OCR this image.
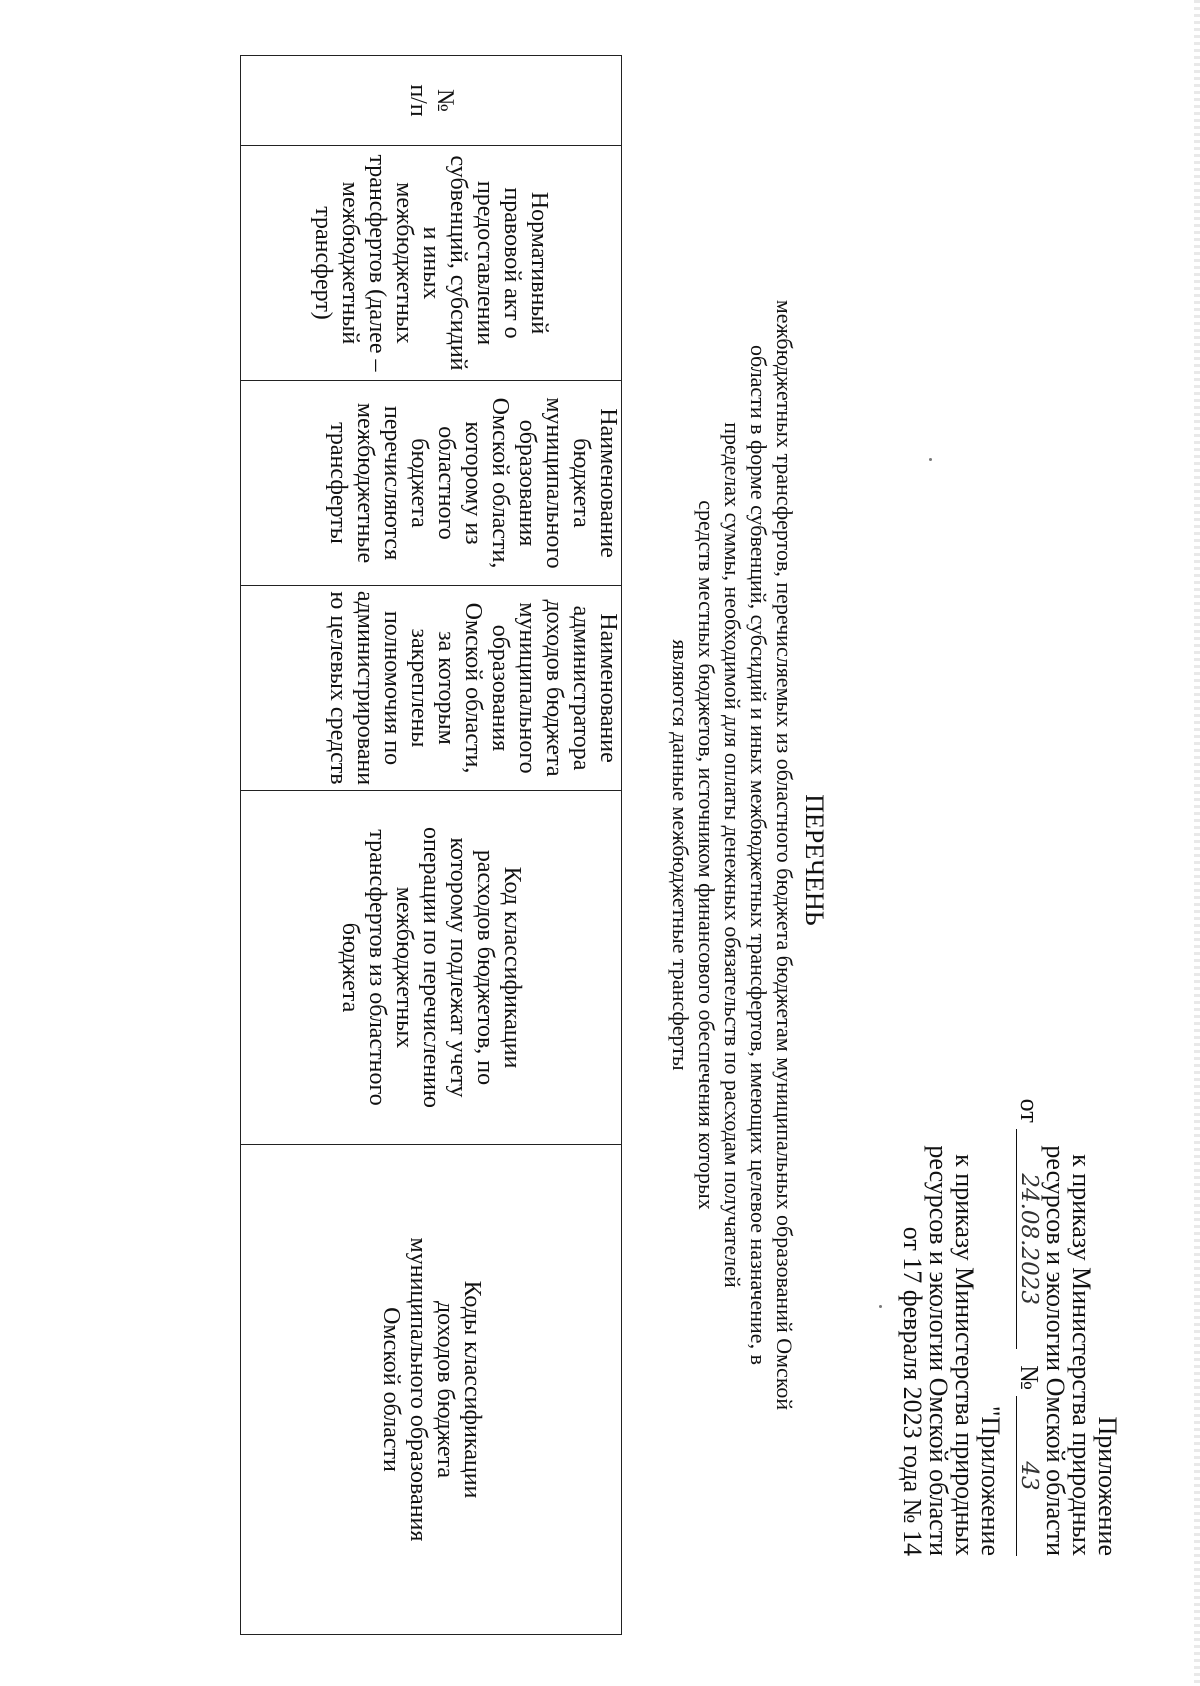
Приложение
к приказу Министерства природных
ресурсов и экологии Омской области
от 24.08.2023№43
"Приложение
к приказу Министерства природных
ресурсов и экологии Омской области
от 17 февраля 2023 года № 14
ПЕРЕЧЕНЬ
межбюджетных трансфертов, перечисляемых из областного бюджета бюджетам муниципальных образований Омской
области в форме субвенций, субсидий и иных межбюджетных трансфертов, имеющих целевое назначение, в
пределах суммы, необходимой для оплаты денежных обязательств по расходам получателей
средств местных бюджетов, источником финансового обеспечения которых
являются данные межбюджетные трансферты
№
п/п

Нормативный
правовой акт о
предоставлении
субвенций, субсидий
и иных
межбюджетных
трансфертов (далее –
межбюджетный
трансферт)

Наименование
бюджета
муниципального
образования
Омской области,
которому из
областного
бюджета
перечисляются
межбюджетные
трансферты

Наименование
администратора
доходов бюджета
муниципального
образования
Омской области,
за которым
закреплены
полномочия по
администрировани
ю целевых средств

Код классификации
расходов бюджетов, по
которому подлежат учету
операции по перечислению
межбюджетных
трансфертов из областного
бюджета

Коды классификации
доходов бюджета
муниципального образования
Омской области
